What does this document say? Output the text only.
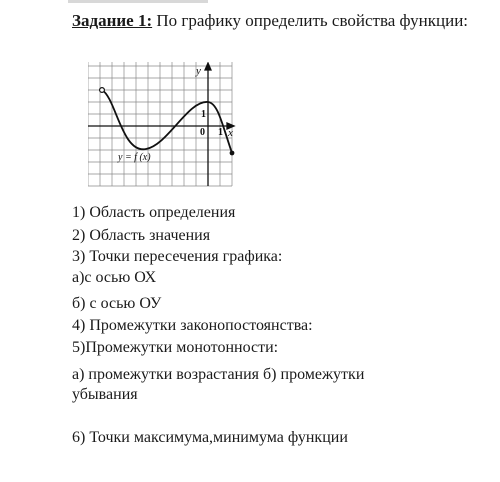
Задание 1: По графику определить свойства функции:
y
x
1
0 1
y = f (x)
1) Область определения
2) Область значения
3) Точки пересечения графика:
а)с осью ОХ
б) с осью ОУ
4) Промежутки законопостоянства:
5)Промежутки монотонности:
а) промежутки возрастания б) промежутки убывания
6) Точки максимума,минимума функции
